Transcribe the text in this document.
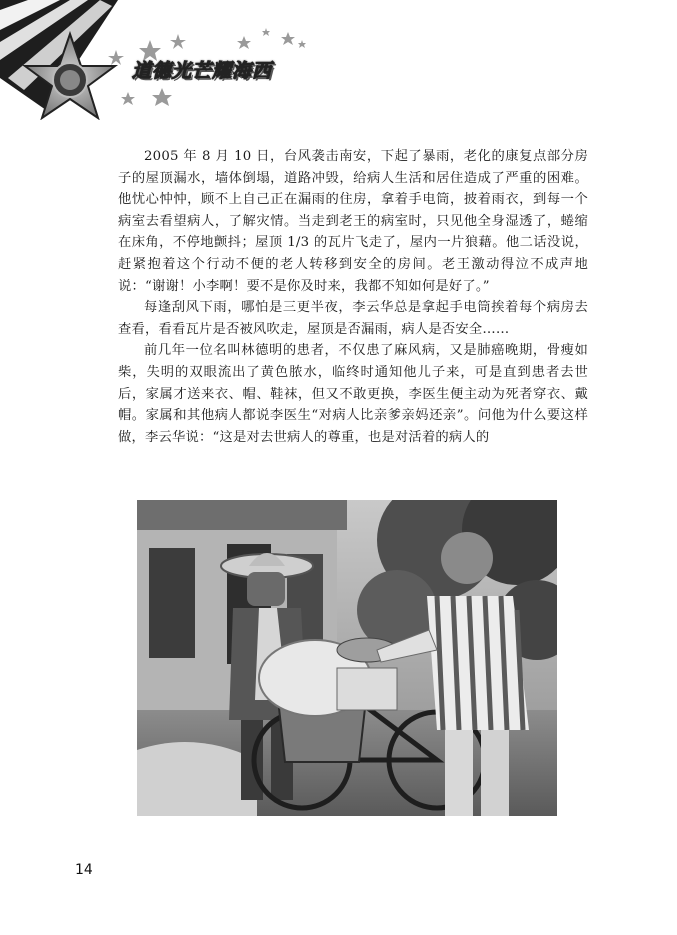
道德光芒耀海西

2005 年 8 月 10 日，台风袭击南安，下起了暴雨，老化的康复点部分房子的屋顶漏水，墙体倒塌，道路冲毁，给病人生活和居住造成了严重的困难。他忧心忡忡，顾不上自己正在漏雨的住房，拿着手电筒，披着雨衣，到每一个病室去看望病人，了解灾情。当走到老王的病室时，只见他全身湿透了，蜷缩在床角，不停地颤抖；屋顶 1/3 的瓦片飞走了，屋内一片狼藉。他二话没说，赶紧抱着这个行动不便的老人转移到安全的房间。老王激动得泣不成声地说：“谢谢！小李啊！要不是你及时来，我都不知如何是好了。”

每逢刮风下雨，哪怕是三更半夜，李云华总是拿起手电筒挨着每个病房去查看，看看瓦片是否被风吹走，屋顶是否漏雨，病人是否安全……

前几年一位名叫林德明的患者，不仅患了麻风病，又是肺癌晚期，骨瘦如柴，失明的双眼流出了黄色脓水，临终时通知他儿子来，可是直到患者去世后，家属才送来衣、帽、鞋袜，但又不敢更换，李医生便主动为死者穿衣、戴帽。家属和其他病人都说李医生“对病人比亲爹亲妈还亲”。问他为什么要这样做，李云华说：“这是对去世病人的尊重，也是对活着的病人的

14
